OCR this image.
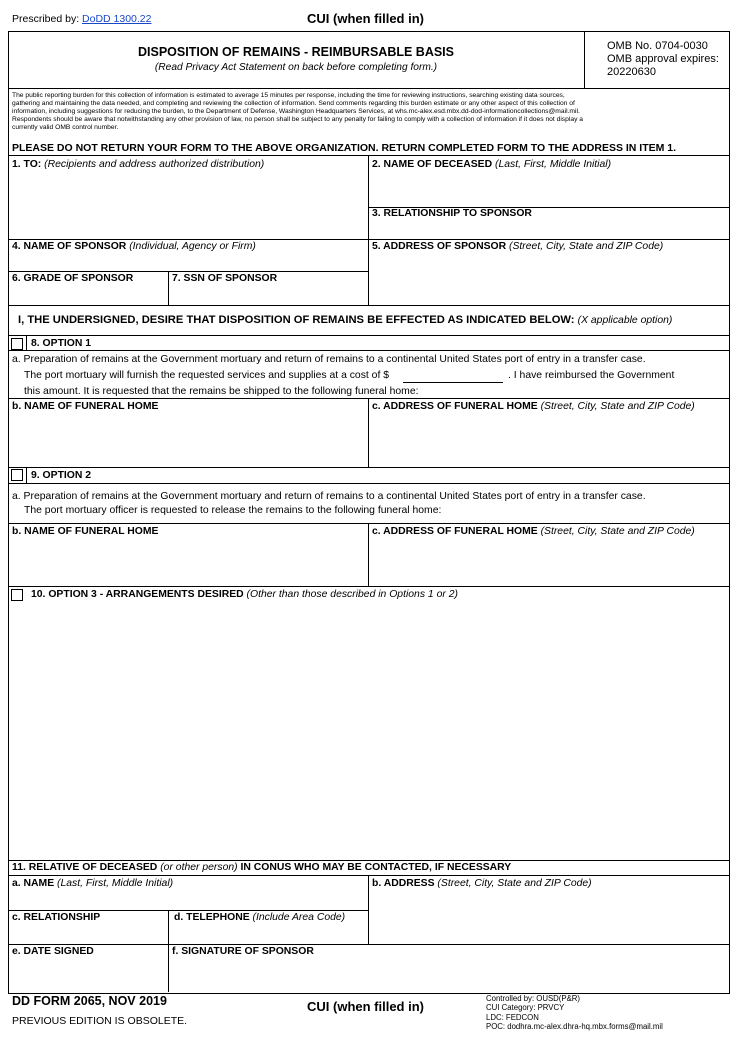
Prescribed by: DoDD 1300.22	CUI (when filled in)
DISPOSITION OF REMAINS - REIMBURSABLE BASIS
(Read Privacy Act Statement on back before completing form.)
OMB No. 0704-0030
OMB approval expires:
20220630
The public reporting burden for this collection of information is estimated to average 15 minutes per response, including the time for reviewing instructions, searching existing data sources,
gathering and maintaining the data needed, and completing and reviewing the collection of information. Send comments regarding this burden estimate or any other aspect of this collection of
information, including suggestions for reducing the burden, to the Department of Defense, Washington Headquarters Services, at whs.mc-alex.esd.mbx.dd-dod-informationcollections@mail.mil.
Respondents should be aware that notwithstanding any other provision of law, no person shall be subject to any penalty for failing to comply with a collection of information if it does not display a
currently valid OMB control number.
PLEASE DO NOT RETURN YOUR FORM TO THE ABOVE ORGANIZATION. RETURN COMPLETED FORM TO THE ADDRESS IN ITEM 1.
1. TO: (Recipients and address authorized distribution)	2. NAME OF DECEASED (Last, First, Middle Initial)
3. RELATIONSHIP TO SPONSOR
4. NAME OF SPONSOR (Individual, Agency or Firm)	5. ADDRESS OF SPONSOR (Street, City, State and ZIP Code)
6. GRADE OF SPONSOR	7. SSN OF SPONSOR
I, THE UNDERSIGNED, DESIRE THAT DISPOSITION OF REMAINS BE EFFECTED AS INDICATED BELOW: (X applicable option)
8. OPTION 1
a. Preparation of remains at the Government mortuary and return of remains to a continental United States port of entry in a transfer case.
The port mortuary will furnish the requested services and supplies at a cost of $	. I have reimbursed the Government
this amount. It is requested that the remains be shipped to the following funeral home:
b. NAME OF FUNERAL HOME	c. ADDRESS OF FUNERAL HOME (Street, City, State and ZIP Code)
9. OPTION 2
a. Preparation of remains at the Government mortuary and return of remains to a continental United States port of entry in a transfer case.
The port mortuary officer is requested to release the remains to the following funeral home:
b. NAME OF FUNERAL HOME	c. ADDRESS OF FUNERAL HOME (Street, City, State and ZIP Code)
10. OPTION 3 - ARRANGEMENTS DESIRED (Other than those described in Options 1 or 2)
11. RELATIVE OF DECEASED (or other person) IN CONUS WHO MAY BE CONTACTED, IF NECESSARY
a. NAME (Last, First, Middle Initial)	b. ADDRESS (Street, City, State and ZIP Code)
c. RELATIONSHIP	d. TELEPHONE (Include Area Code)
e. DATE SIGNED	f. SIGNATURE OF SPONSOR
DD FORM 2065, NOV 2019
PREVIOUS EDITION IS OBSOLETE.
CUI (when filled in)
Controlled by: OUSD(P&R)
CUI Category: PRVCY
LDC: FEDCON
POC: dodhra.mc-alex.dhra-hq.mbx.forms@mail.mil
